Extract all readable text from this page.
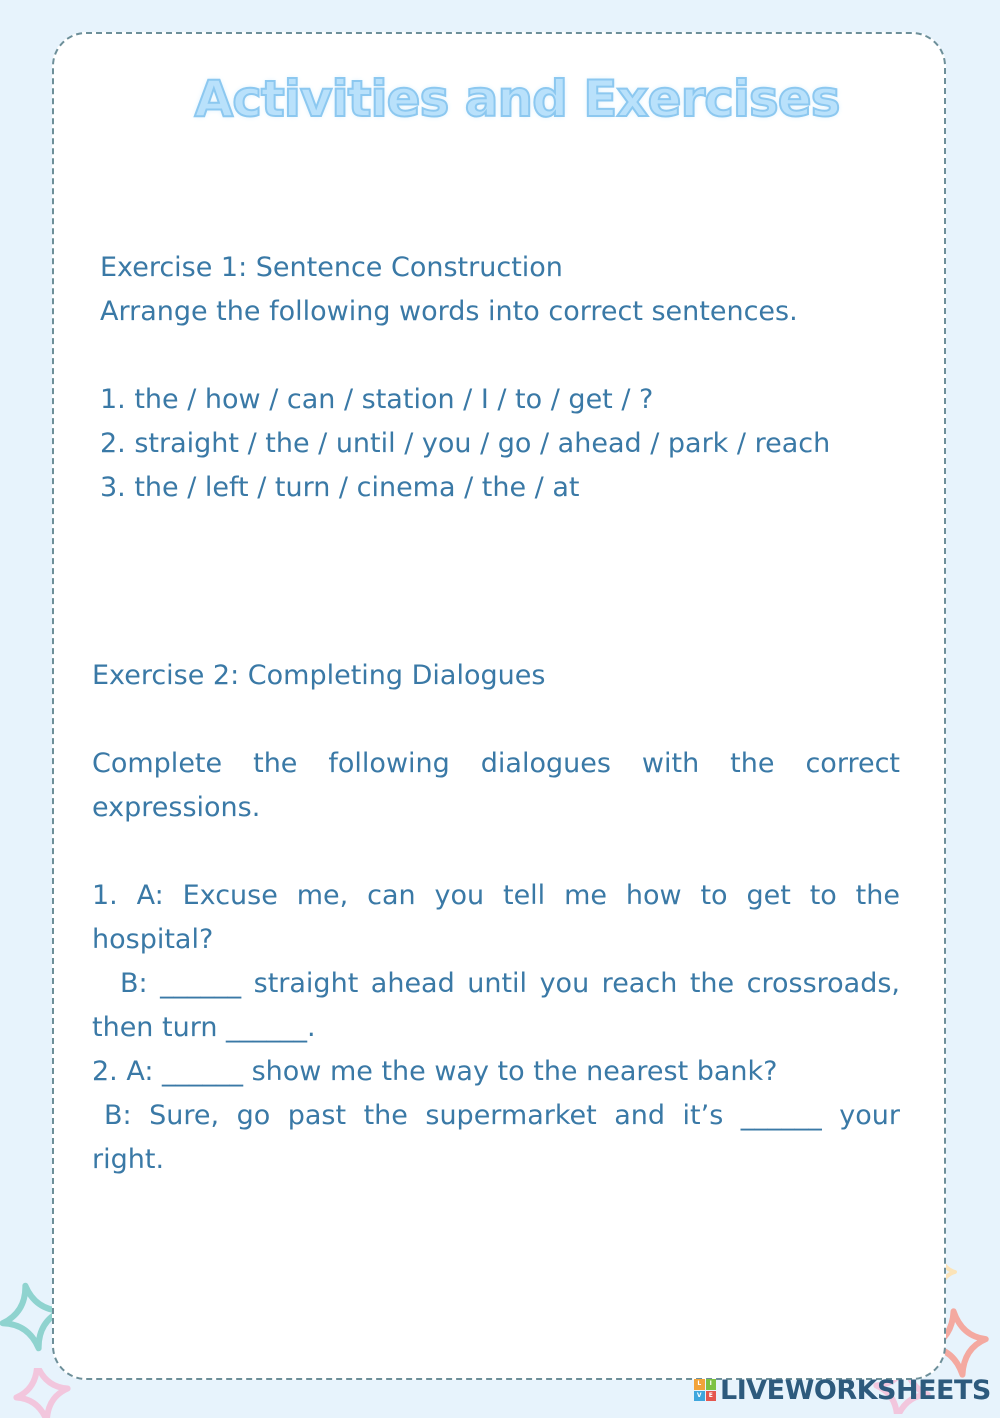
Activities and Exercises
Exercise 1: Sentence Construction
Arrange the following words into correct sentences.
1. the / how / can / station / I / to / get / ?
2. straight / the / until / you / go / ahead / park / reach
3. the / left / turn / cinema / the / at
Exercise 2: Completing Dialogues
Complete the following dialogues with the correct expressions.
1. A: Excuse me, can you tell me how to get to the hospital?
B: ______ straight ahead until you reach the crossroads, then turn ______.
2. A: ______ show me the way to the nearest bank?
B: Sure, go past the supermarket and it’s ______ your right.
L	I
V	E LIVEWORKSHEETS
